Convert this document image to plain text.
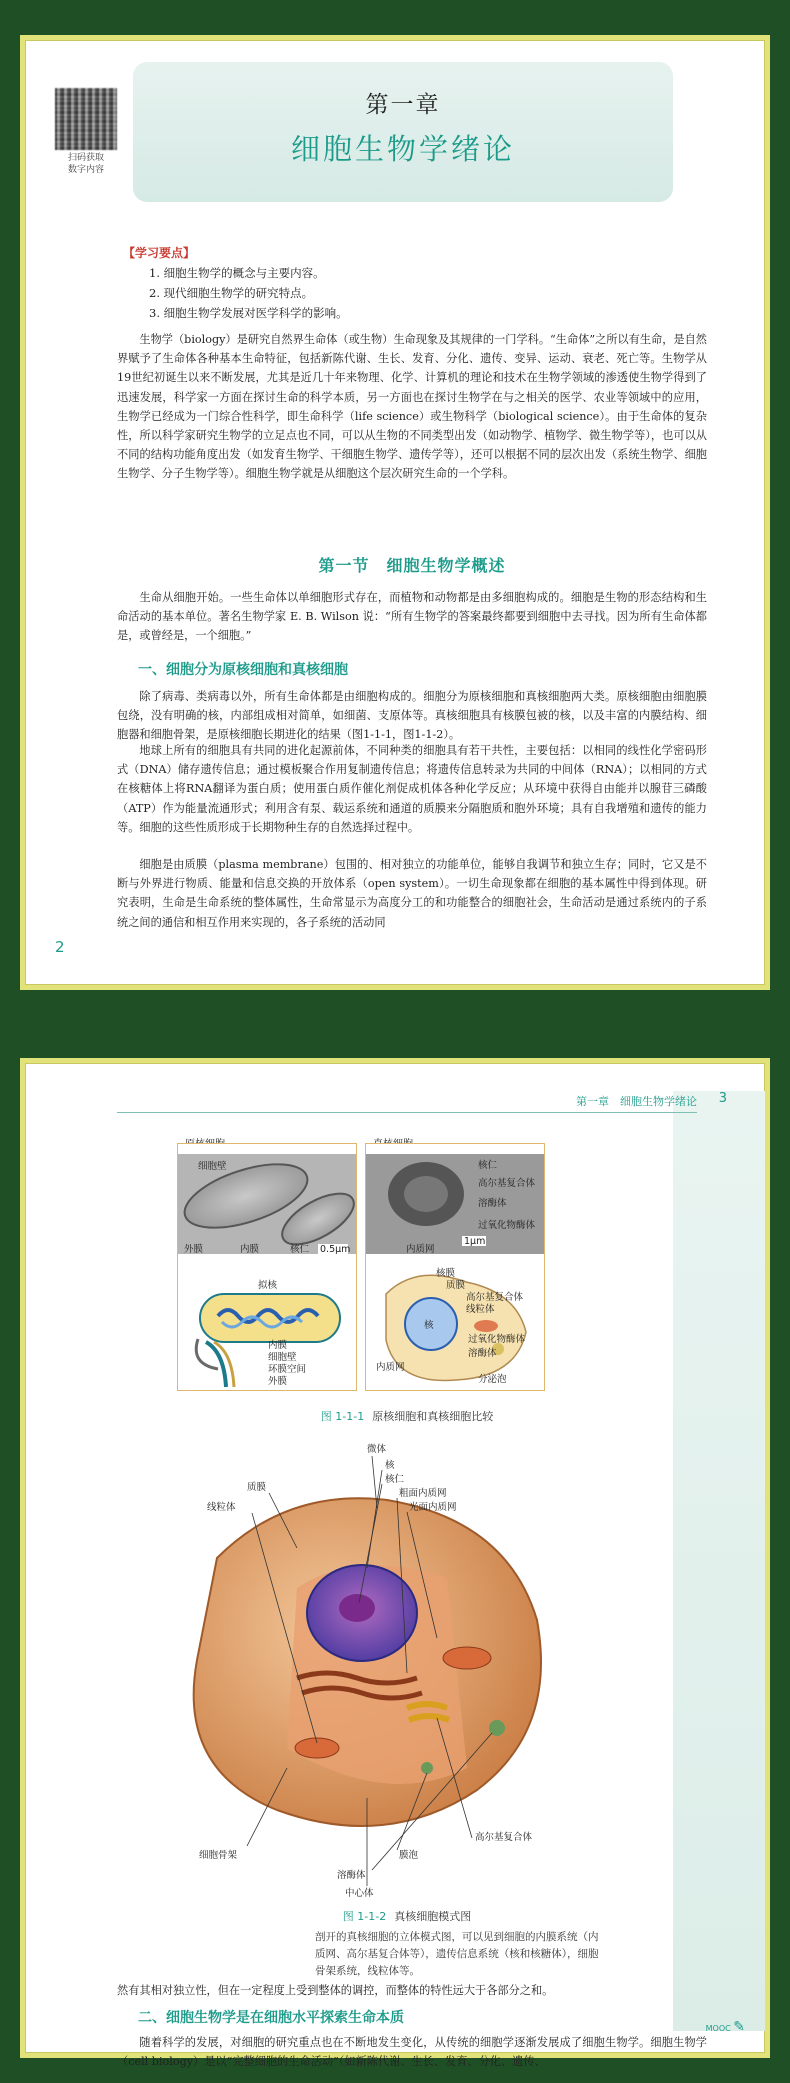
扫码获取
数字内容
第一章
细胞生物学绪论
【学习要点】
1. 细胞生物学的概念与主要内容。
2. 现代细胞生物学的研究特点。
3. 细胞生物学发展对医学科学的影响。

生物学（biology）是研究自然界生命体（或生物）生命现象及其规律的一门学科。“生命体”之所以有生命，是自然界赋予了生命体各种基本生命特征，包括新陈代谢、生长、发育、分化、遗传、变异、运动、衰老、死亡等。生物学从19世纪初诞生以来不断发展，尤其是近几十年来物理、化学、计算机的理论和技术在生物学领域的渗透使生物学得到了迅速发展，科学家一方面在探讨生命的科学本质，另一方面也在探讨生物学在与之相关的医学、农业等领域中的应用，生物学已经成为一门综合性科学，即生命科学（life science）或生物科学（biological science）。由于生命体的复杂性，所以科学家研究生物学的立足点也不同，可以从生物的不同类型出发（如动物学、植物学、微生物学等），也可以从不同的结构功能角度出发（如发育生物学、干细胞生物学、遗传学等），还可以根据不同的层次出发（系统生物学、细胞生物学、分子生物学等）。细胞生物学就是从细胞这个层次研究生命的一个学科。

第一节　细胞生物学概述

生命从细胞开始。一些生命体以单细胞形式存在，而植物和动物都是由多细胞构成的。细胞是生物的形态结构和生命活动的基本单位。著名生物学家 E. B. Wilson 说：“所有生物学的答案最终都要到细胞中去寻找。因为所有生命体都是，或曾经是，一个细胞。”

一、细胞分为原核细胞和真核细胞

除了病毒、类病毒以外，所有生命体都是由细胞构成的。细胞分为原核细胞和真核细胞两大类。原核细胞由细胞膜包绕，没有明确的核，内部组成相对简单，如细菌、支原体等。真核细胞具有核膜包被的核，以及丰富的内膜结构、细胞器和细胞骨架，是原核细胞长期进化的结果（图1-1-1，图1-1-2）。

地球上所有的细胞具有共同的进化起源前体，不同种类的细胞具有若干共性，主要包括：以相同的线性化学密码形式（DNA）储存遗传信息；通过模板聚合作用复制遗传信息；将遗传信息转录为共同的中间体（RNA）；以相同的方式在核糖体上将RNA翻译为蛋白质；使用蛋白质作催化剂促成机体各种化学反应；从环境中获得自由能并以腺苷三磷酸（ATP）作为能量流通形式；利用含有泵、载运系统和通道的质膜来分隔胞质和胞外环境；具有自我增殖和遗传的能力等。细胞的这些性质形成于长期物种生存的自然选择过程中。

细胞是由质膜（plasma membrane）包围的、相对独立的功能单位，能够自我调节和独立生存；同时，它又是不断与外界进行物质、能量和信息交换的开放体系（open system）。一切生命现象都在细胞的基本属性中得到体现。研究表明，生命是生命系统的整体属性，生命常显示为高度分工的和功能整合的细胞社会，生命活动是通过系统内的子系统之间的通信和相互作用来实现的，各子系统的活动同

2
第一章　细胞生物学绪论 3
细胞壁
外膜	内膜	核仁 0.5μm
拟核
内膜
细胞壁
环膜空间
外膜
核仁
高尔基复合体
溶酶体
过氧化物酶体
1μm
内质网
核
核膜
质膜
高尔基复合体
线粒体
过氧化物酶体
溶酶体
内质网
分泌泡
图 1-1-1 原核细胞和真核细胞比较
微体
核
核仁
质膜
粗面内质网
线粒体	光面内质网
高尔基复合体
细胞骨架	膜泡
溶酶体
中心体
图 1-1-2 真核细胞模式图

剖开的真核细胞的立体模式图，可以见到细胞的内膜系统（内质网、高尔基复合体等），遗传信息系统（核和核糖体），细胞骨架系统，线粒体等。

然有其相对独立性，但在一定程度上受到整体的调控，而整体的特性远大于各部分之和。

二、细胞生物学是在细胞水平探索生命本质

随着科学的发展，对细胞的研究重点也在不断地发生变化，从传统的细胞学逐渐发展成了细胞生物学。细胞生物学（cell biology）是以“完整细胞的生命活动”（如新陈代谢、生长、发育、分化、遗传、

MOOC ✎
